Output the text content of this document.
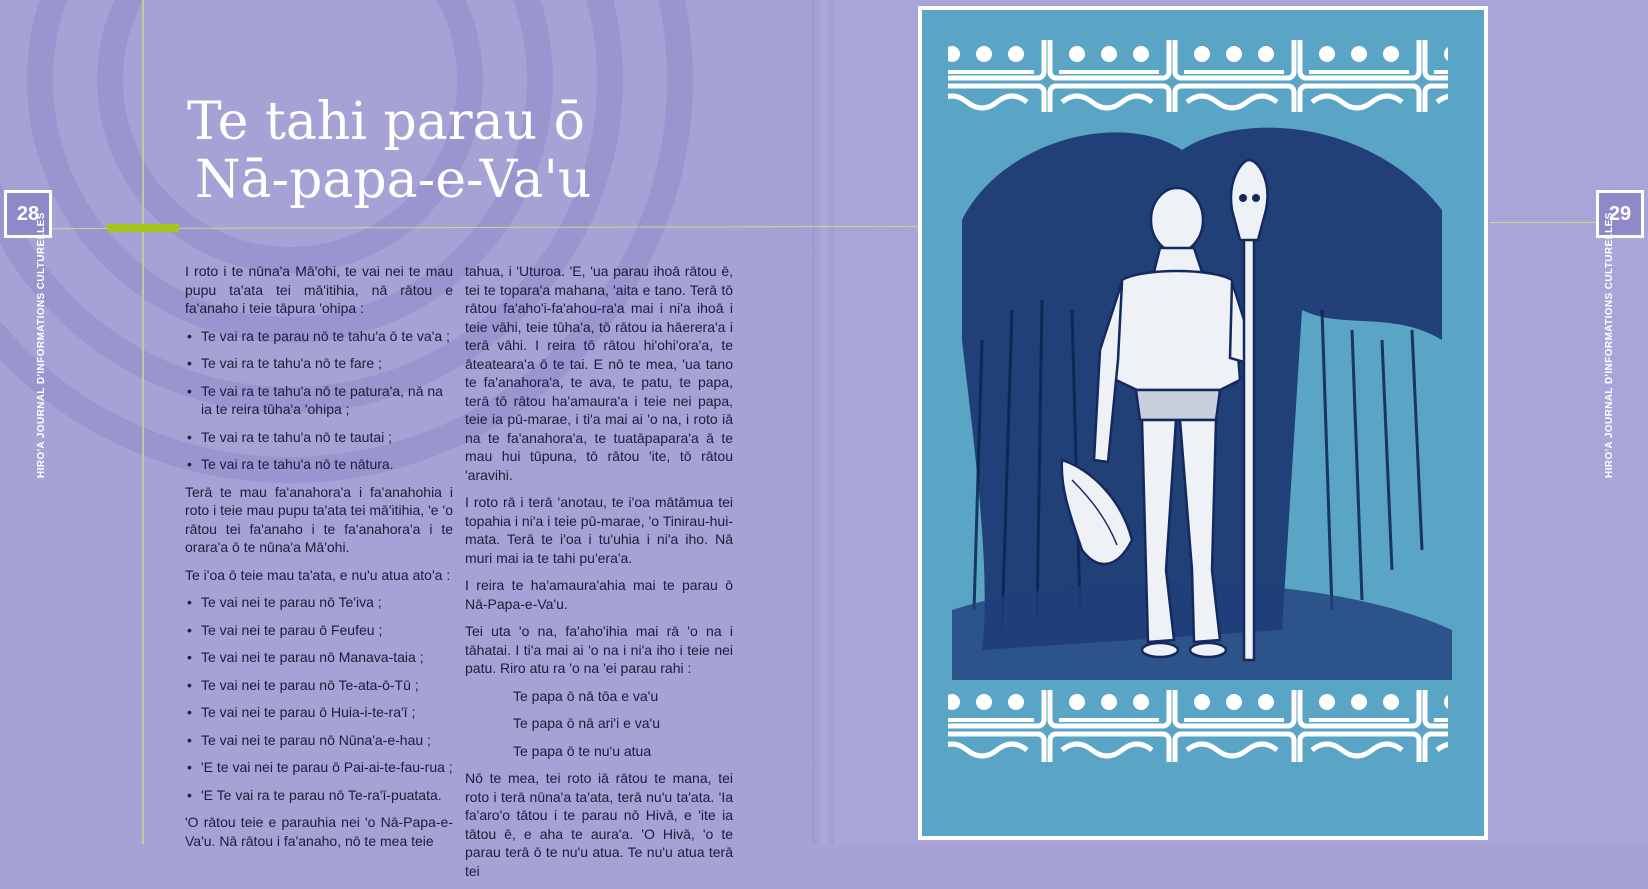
28
HIRO'A JOURNAL D'INFORMATIONS CULTURELLES
Te tahi parau ō
Nā-papa-e-Va'u

I roto i te nūna'a Mā'ohi, te vai nei te mau pupu ta'ata tei mā'itihia, nā rātou e fa'anaho i teie tāpura 'ohipa :

• Te vai ra te parau nō te tahu'a ō te va'a ;
• Te vai ra te tahu'a nō te fare ;
• Te vai ra te tahu'a nō te patura'a, nā na ia te reira tūha'a 'ohipa ;
• Te vai ra te tahu'a nō te tautai ;
• Te vai ra te tahu'a nō te nātura.

Terā te mau fa'anahora'a i fa'anahohia i roto i teie mau pupu ta'ata tei mā'itihia, 'e 'o rātou tei fa'anaho i te fa'anahora'a i te orara'a ō te nūna'a Mā'ohi.

Te i'oa ō teie mau ta'ata, e nu'u atua ato'a :

• Te vai nei te parau nō Te'iva ;
• Te vai nei te parau ō Feufeu ;
• Te vai nei te parau nō Manava-taia ;
• Te vai nei te parau nō Te-ata-ō-Tū ;
• Te vai nei te parau ō Huia-i-te-ra'ī ;
• Te vai nei te parau nō Nūna'a-e-hau ;
• 'E te vai nei te parau ō Pai-ai-te-fau-rua ;
• 'E Te vai ra te parau nō Te-ra'ī-puatata.

'O rātou teie e parauhia nei 'o Nā-Papa-e-Va'u. Nā rātou i fa'anaho, nō te mea teie

tahua, i 'Uturoa. 'E, 'ua parau ihoā rātou ē, tei te topara'a mahana, 'aita e tano. Terā tō rātou fa'aho'i-fa'ahou-ra'a mai i ni'a ihoā i teie vāhi, teie tūha'a, tō rātou ia hāerera'a i terā vāhi. I reira tō rātou hi'ohi'ora'a, te āteateara'a ō te tai. E nō te mea, 'ua tano te fa'anahora'a, te ava, te patu, te papa, terā tō rātou ha'amaura'a i teie nei papa, teie ia pū-marae, i ti'a mai ai 'o na, i roto iā na te fa'anahora'a, te tuatāpapara'a ā te mau hui tūpuna, tō rātou 'ite, tō rātou 'aravihi.

I roto rā i terā 'anotau, te i'oa mātāmua tei topahia i ni'a i teie pū-marae, 'o Tinirau-hui-mata. Terā te i'oa i tu'uhia i ni'a iho. Nā muri mai ia te tahi pu'era'a.

I reira te ha'amaura'ahia mai te parau ō Nā-Papa-e-Va'u.

Tei uta 'o na, fa'aho'ihia mai rā 'o na i tāhatai. I ti'a mai ai 'o na i ni'a iho i teie nei patu. Riro atu ra 'o na 'ei parau rahi :

Te papa ō nā tōa e va'u
Te papa ō nā ari'i e va'u
Te papa ō te nu'u atua

Nō te mea, tei roto iā rātou te mana, tei roto i terā nūna'a ta'ata, terā nu'u ta'ata. 'Ia fa'aro'o tātou i te parau nō Hivā, e 'ite ia tātou ē, e aha te aura'a. 'O Hivā, 'o te parau terā ō te nu'u atua. Te nu'u atua terā tei

29
HIRO'A JOURNAL D'INFORMATIONS CULTURELLES
